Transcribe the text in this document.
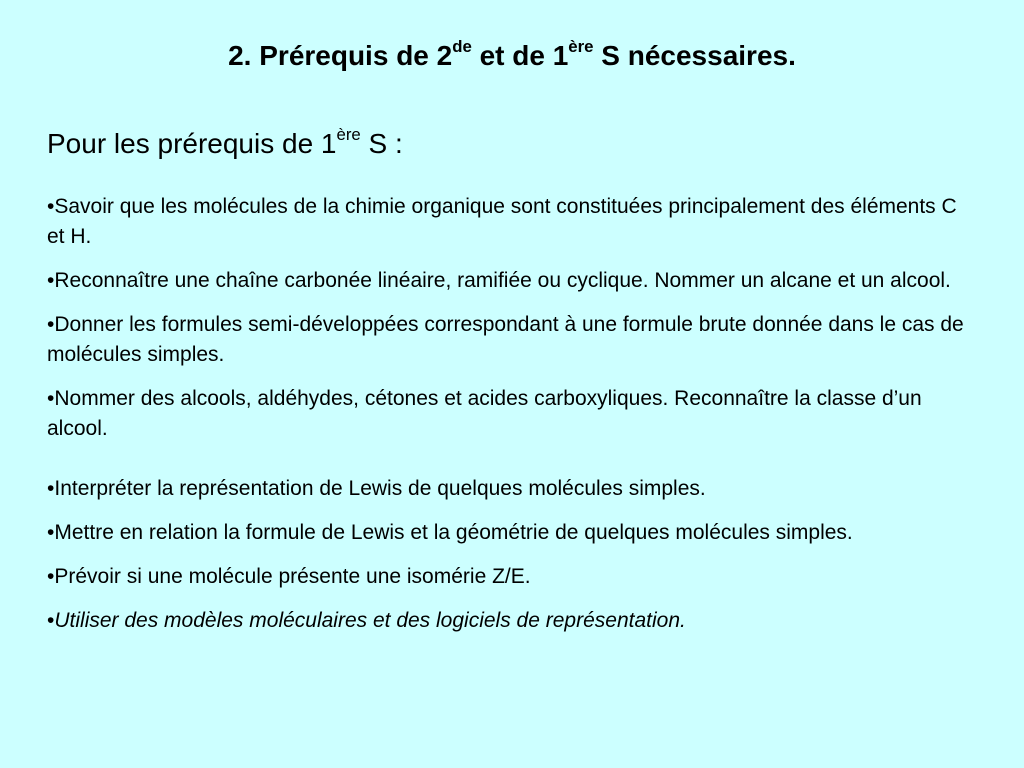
2. Prérequis de 2de et de 1ère S nécessaires.

Pour les prérequis de 1ère S :

•Savoir que les molécules de la chimie organique sont constituées principalement des éléments C et H.
•Reconnaître une chaîne carbonée linéaire, ramifiée ou cyclique. Nommer un alcane et un alcool.
•Donner les formules semi-développées correspondant à une formule brute donnée dans le cas de molécules simples.
•Nommer des alcools, aldéhydes, cétones et acides carboxyliques. Reconnaître la classe d’un alcool.
•Interpréter la représentation de Lewis de quelques molécules simples.
•Mettre en relation la formule de Lewis et la géométrie de quelques molécules simples.
•Prévoir si une molécule présente une isomérie Z/E.
•Utiliser des modèles moléculaires et des logiciels de représentation.
